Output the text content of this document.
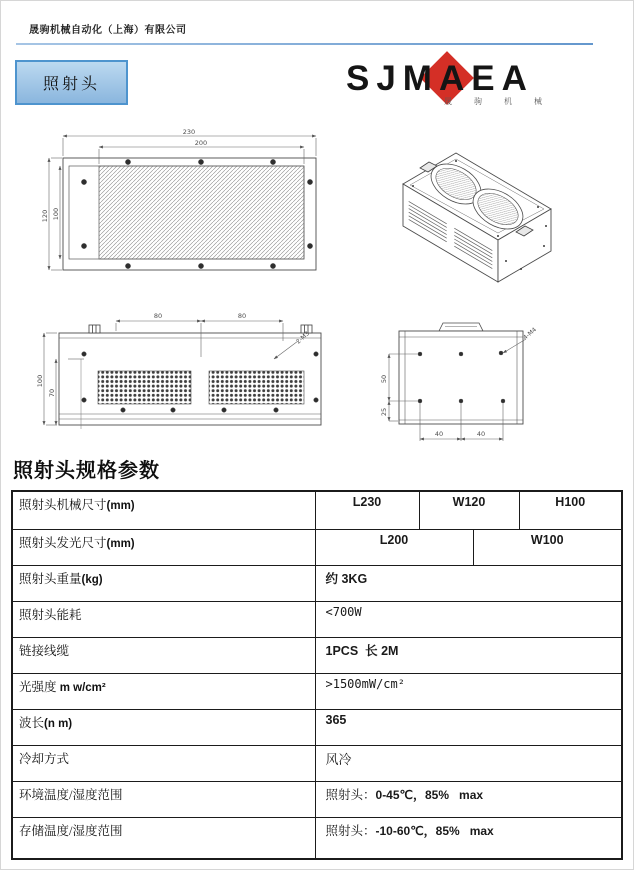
晟驹机械自动化（上海）有限公司
照射头	SJMAEA
晟 驹 机 械
230
200
120 100
80	80
100
70
2-M3
50
25
40	40
4-M4
照射头规格参数
照射头机械尺寸(mm)	L230	W120		H100
照射头发光尺寸(mm)	L200		W100	
照射头重量(kg)	约 3KG			
照射头能耗	<700W			
链接线缆	1PCS  长 2M			
光强度 m w/cm²	>1500mW/cm²			
波长(n m)	365			
冷却方式	风冷			
环境温度/湿度范围	照射头：0-45℃，85%   max			
存储温度/湿度范围	照射头：-10-60℃，85%   max			
